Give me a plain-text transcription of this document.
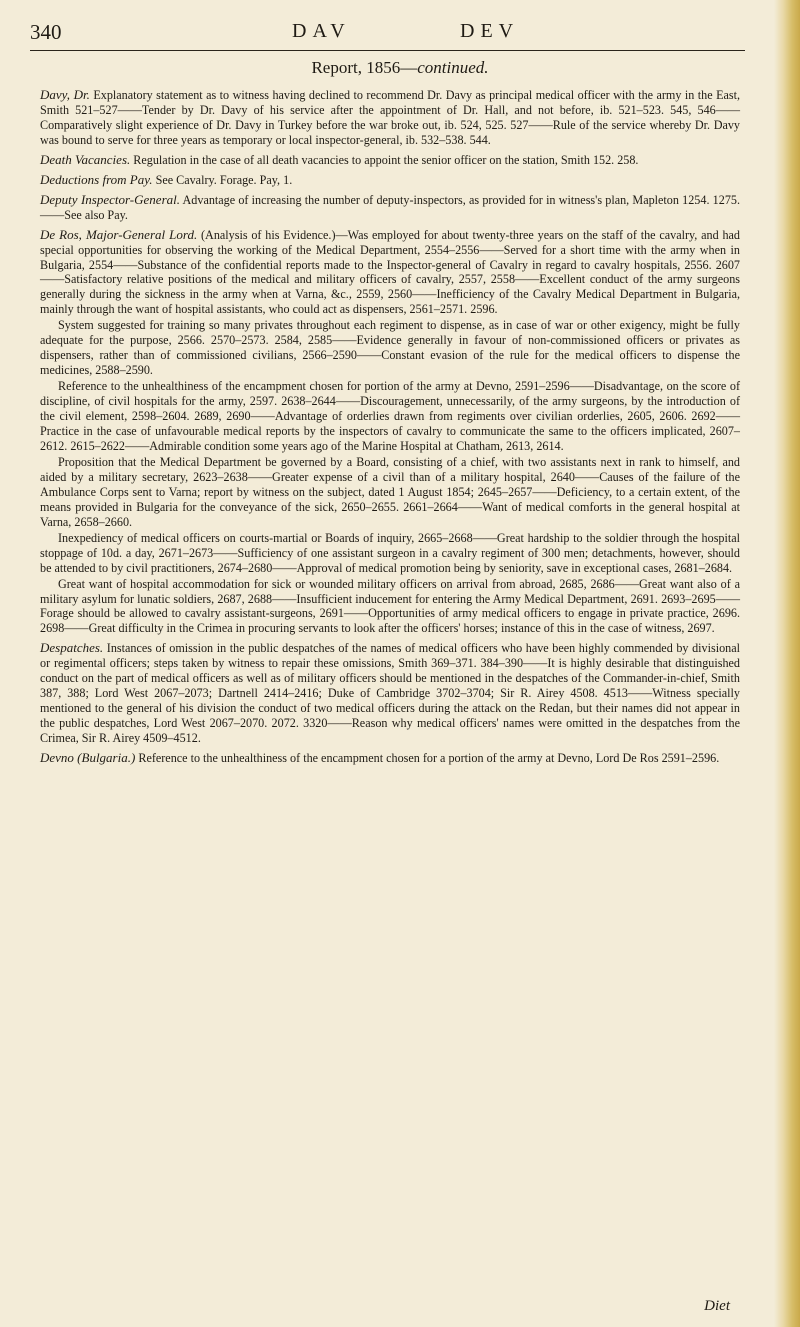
340	DAV	DEV
Report, 1856—continued.

Davy, Dr. Explanatory statement as to witness having declined to recommend Dr. Davy as principal medical officer with the army in the East, Smith 521–527——Tender by Dr. Davy of his service after the appointment of Dr. Hall, and not before, ib. 521–523. 545, 546——Comparatively slight experience of Dr. Davy in Turkey before the war broke out, ib. 524, 525. 527——Rule of the service whereby Dr. Davy was bound to serve for three years as temporary or local inspector-general, ib. 532–538. 544.

Death Vacancies. Regulation in the case of all death vacancies to appoint the senior officer on the station, Smith 152. 258.

Deductions from Pay. See Cavalry. Forage. Pay, 1.

Deputy Inspector-General. Advantage of increasing the number of deputy-inspectors, as provided for in witness's plan, Mapleton 1254. 1275.——See also Pay.

De Ros, Major-General Lord. (Analysis of his Evidence.)—Was employed for about twenty-three years on the staff of the cavalry, and had special opportunities for observing the working of the Medical Department, 2554–2556——Served for a short time with the army when in Bulgaria, 2554——Substance of the confidential reports made to the Inspector-general of Cavalry in regard to cavalry hospitals, 2556. 2607——Satisfactory relative positions of the medical and military officers of cavalry, 2557, 2558——Excellent conduct of the army surgeons generally during the sickness in the army when at Varna, &c., 2559, 2560——Inefficiency of the Cavalry Medical Department in Bulgaria, mainly through the want of hospital assistants, who could act as dispensers, 2561–2571. 2596.

System suggested for training so many privates throughout each regiment to dispense, as in case of war or other exigency, might be fully adequate for the purpose, 2566. 2570–2573. 2584, 2585——Evidence generally in favour of non-commissioned officers or privates as dispensers, rather than of commissioned civilians, 2566–2590——Constant evasion of the rule for the medical officers to dispense the medicines, 2588–2590.

Reference to the unhealthiness of the encampment chosen for portion of the army at Devno, 2591–2596——Disadvantage, on the score of discipline, of civil hospitals for the army, 2597. 2638–2644——Discouragement, unnecessarily, of the army surgeons, by the introduction of the civil element, 2598–2604. 2689, 2690——Advantage of orderlies drawn from regiments over civilian orderlies, 2605, 2606. 2692——Practice in the case of unfavourable medical reports by the inspectors of cavalry to communicate the same to the officers implicated, 2607–2612. 2615–2622——Admirable condition some years ago of the Marine Hospital at Chatham, 2613, 2614.

Proposition that the Medical Department be governed by a Board, consisting of a chief, with two assistants next in rank to himself, and aided by a military secretary, 2623–2638——Greater expense of a civil than of a military hospital, 2640——Causes of the failure of the Ambulance Corps sent to Varna; report by witness on the subject, dated 1 August 1854; 2645–2657——Deficiency, to a certain extent, of the means provided in Bulgaria for the conveyance of the sick, 2650–2655. 2661–2664——Want of medical comforts in the general hospital at Varna, 2658–2660.

Inexpediency of medical officers on courts-martial or Boards of inquiry, 2665–2668——Great hardship to the soldier through the hospital stoppage of 10d. a day, 2671–2673——Sufficiency of one assistant surgeon in a cavalry regiment of 300 men; detachments, however, should be attended to by civil practitioners, 2674–2680——Approval of medical promotion being by seniority, save in exceptional cases, 2681–2684.

Great want of hospital accommodation for sick or wounded military officers on arrival from abroad, 2685, 2686——Great want also of a military asylum for lunatic soldiers, 2687, 2688——Insufficient inducement for entering the Army Medical Department, 2691. 2693–2695——Forage should be allowed to cavalry assistant-surgeons, 2691——Opportunities of army medical officers to engage in private practice, 2696. 2698——Great difficulty in the Crimea in procuring servants to look after the officers' horses; instance of this in the case of witness, 2697.

Despatches. Instances of omission in the public despatches of the names of medical officers who have been highly commended by divisional or regimental officers; steps taken by witness to repair these omissions, Smith 369–371. 384–390——It is highly desirable that distinguished conduct on the part of medical officers as well as of military officers should be mentioned in the despatches of the Commander-in-chief, Smith 387, 388; Lord West 2067–2073; Dartnell 2414–2416; Duke of Cambridge 3702–3704; Sir R. Airey 4508. 4513——Witness specially mentioned to the general of his division the conduct of two medical officers during the attack on the Redan, but their names did not appear in the public despatches, Lord West 2067–2070. 2072. 3320——Reason why medical officers' names were omitted in the despatches from the Crimea, Sir R. Airey 4509–4512.

Devno (Bulgaria.) Reference to the unhealthiness of the encampment chosen for a portion of the army at Devno, Lord De Ros 2591–2596.

Diet
